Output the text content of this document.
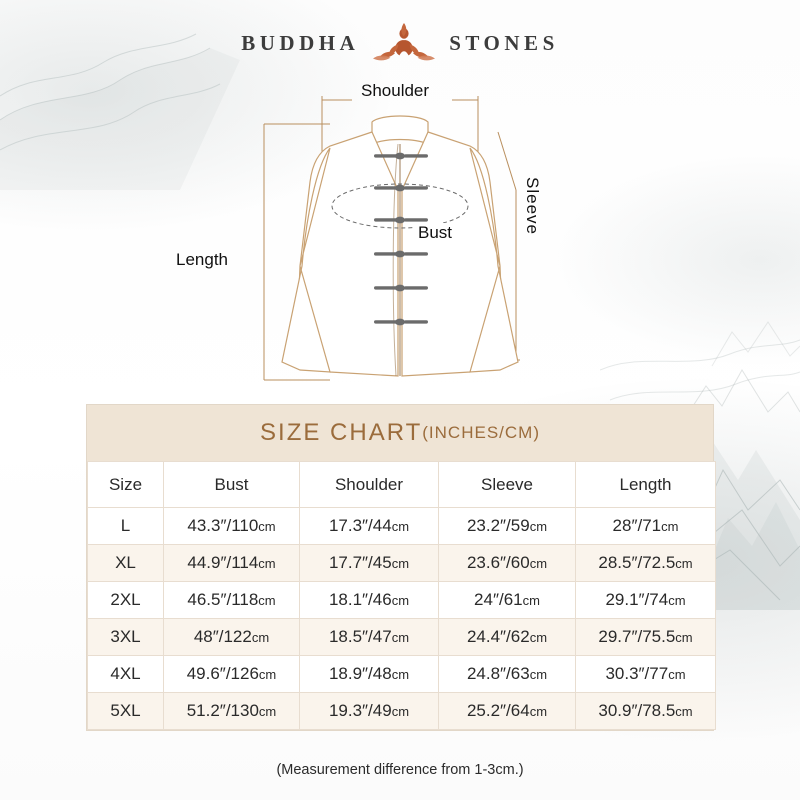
BUDDHA	STONES
Shoulder
Bust
Length
Sleeve
SIZE CHART (INCHES/CM)
Size	Bust	Shoulder	Sleeve	Length
L	43.3″/110cm	17.3″/44cm	23.2″/59cm	28″/71cm
XL	44.9″/114cm	17.7″/45cm	23.6″/60cm	28.5″/72.5cm
2XL	46.5″/118cm	18.1″/46cm	24″/61cm	29.1″/74cm
3XL	48″/122cm	18.5″/47cm	24.4″/62cm	29.7″/75.5cm
4XL	49.6″/126cm	18.9″/48cm	24.8″/63cm	30.3″/77cm
5XL	51.2″/130cm	19.3″/49cm	25.2″/64cm	30.9″/78.5cm
(Measurement difference from 1-3cm.)
